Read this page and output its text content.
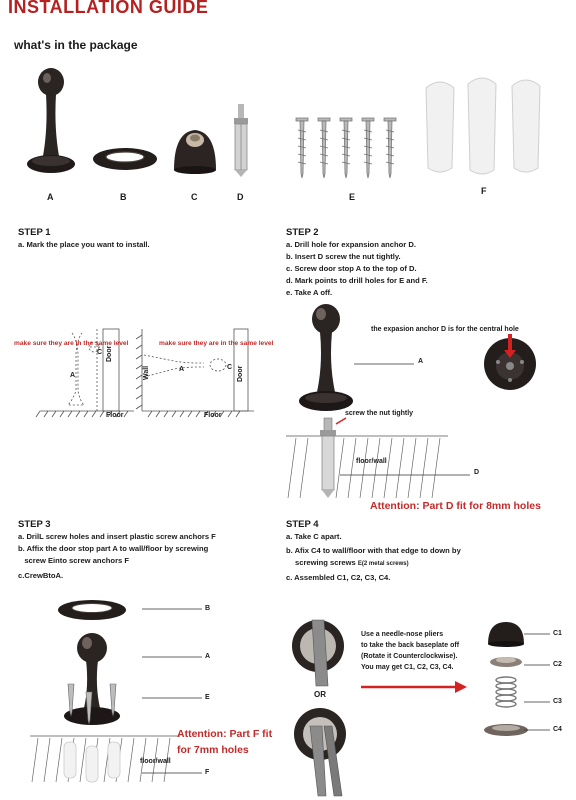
INSTALLATION GUIDE
what's in the package
A	B	C	D	E
F
STEP 1
a. Mark the place you want to install.
make sure they are in the same level	make sure they are in the same level
C
A
Door
Floor
Wall	A	C Door
Floor
STEP 2
a. Drill hole for expansion anchor D.
b. Insert D screw the nut tightly.
c. Screw door stop A to the top of D.
d. Mark points to drill holes for E and F.
e. Take A off.
A
the expasion anchor D is for the central hole
screw the nut tightly
floor/wall
D
Attention: Part D fit for 8mm holes
STEP 3
a. DrilL screw holes and insert plastic screw anchors F
b. Affix the door stop part A to wall/floor by screwing
screw Einto screw anchors F
c.CrewBtoA.
B
A
E
F
floor/wall
Attention: Part F fit
for 7mm holes
STEP 4
a. Take C apart.
b. Afix C4 to wall/floor with that edge to down by
screwing screws E(2 metal screws)
c. Assembled C1, C2, C3, C4.
OR
Use a needle-nose pliers
to take the back baseplate off
(Rotate it Counterclockwise).
You may get C1, C2, C3, C4.
C1
C2
C3
C4
